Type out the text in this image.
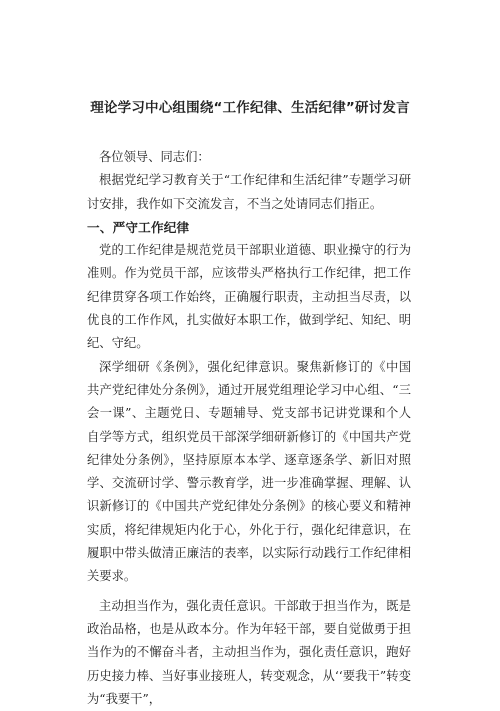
理论学习中心组围绕“工作纪律、生活纪律”研讨发言

各位领导、同志们：

根据党纪学习教育关于“工作纪律和生活纪律”专题学习研讨安排，我作如下交流发言，不当之处请同志们指正。

一、严守工作纪律

党的工作纪律是规范党员干部职业道德、职业操守的行为准则。作为党员干部，应该带头严格执行工作纪律，把工作纪律贯穿各项工作始终，正确履行职责，主动担当尽责，以优良的工作作风，扎实做好本职工作，做到学纪、知纪、明纪、守纪。

深学细研《条例》，强化纪律意识。聚焦新修订的《中国共产党纪律处分条例》，通过开展党组理论学习中心组、“三会一课”、主题党日、专题辅导、党支部书记讲党课和个人自学等方式，组织党员干部深学细研新修订的《中国共产党纪律处分条例》，坚持原原本本学、逐章逐条学、新旧对照学、交流研讨学、警示教育学，进一步准确掌握、理解、认识新修订的《中国共产党纪律处分条例》的核心要义和精神实质，将纪律规矩内化于心，外化于行，强化纪律意识，在履职中带头做清正廉洁的表率，以实际行动践行工作纪律相关要求。

主动担当作为，强化责任意识。干部敢于担当作为，既是政治品格，也是从政本分。作为年轻干部，要自觉做勇于担当作为的不懈奋斗者，主动担当作为，强化责任意识，跑好历史接力棒、当好事业接班人，转变观念，从‘‘要我干”转变为“我要干”，
